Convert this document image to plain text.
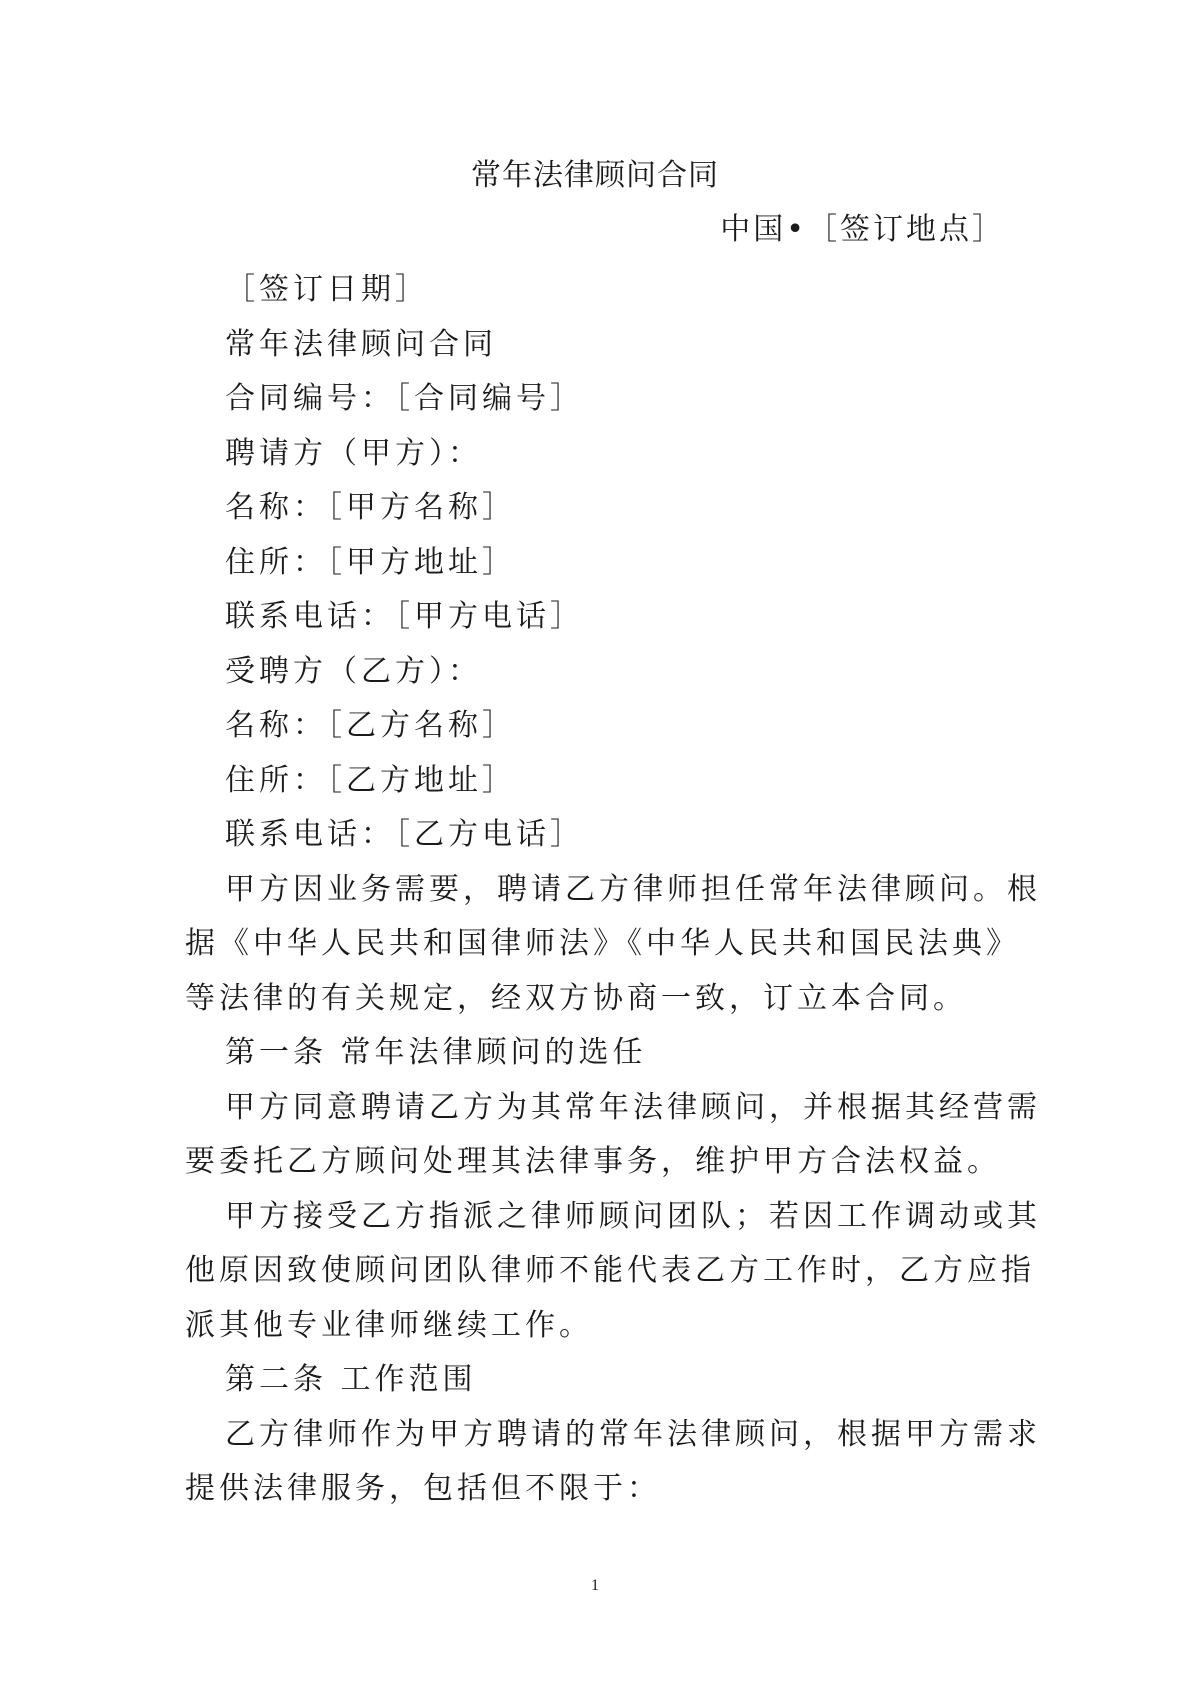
常年法律顾问合同
中国•［签订地点］
［签订日期］
常年法律顾问合同
合同编号：［合同编号］
聘请方（甲方）：
名称：［甲方名称］
住所：［甲方地址］
联系电话：［甲方电话］
受聘方（乙方）：
名称：［乙方名称］
住所：［乙方地址］
联系电话：［乙方电话］
甲方因业务需要，聘请乙方律师担任常年法律顾问。根
据《中华人民共和国律师法》《中华人民共和国民法典》
等法律的有关规定，经双方协商一致，订立本合同。
第一条 常年法律顾问的选任
甲方同意聘请乙方为其常年法律顾问，并根据其经营需
要委托乙方顾问处理其法律事务，维护甲方合法权益。
甲方接受乙方指派之律师顾问团队；若因工作调动或其
他原因致使顾问团队律师不能代表乙方工作时，乙方应指
派其他专业律师继续工作。
第二条 工作范围
乙方律师作为甲方聘请的常年法律顾问，根据甲方需求
提供法律服务，包括但不限于：
1
